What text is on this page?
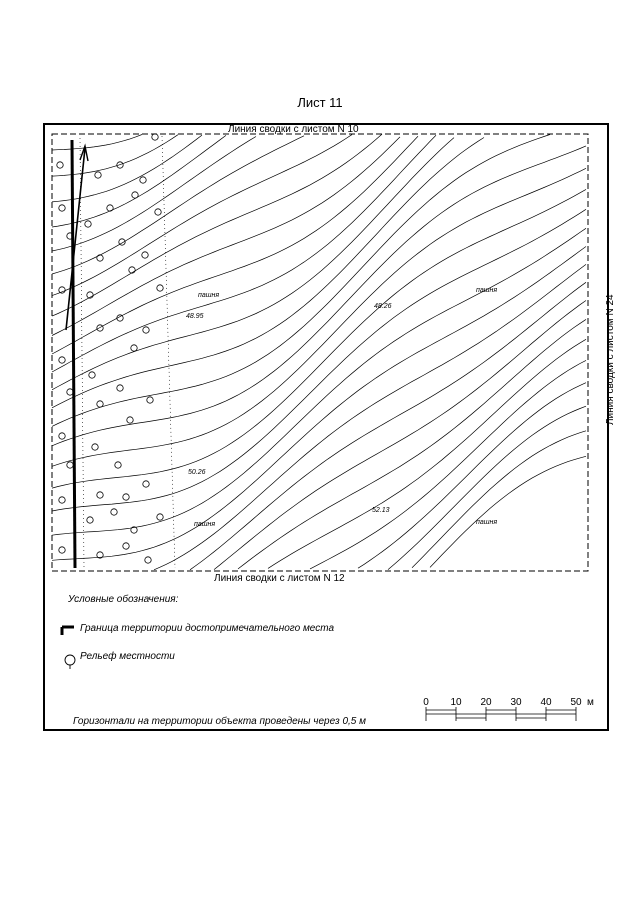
Лист 11
пашня
пашня
пашня	пашня
48.95
48.26
50.26
52.13
Линия сводки с листом N 10
Линия сводки с листом N 12
Линия сводки с листом N 24
Условные обозначения:
Граница территории достопримечательного места
Рельеф местности
Горизонтали на территории объекта проведены через 0,5 м
0 10 20 30 40 50 м
